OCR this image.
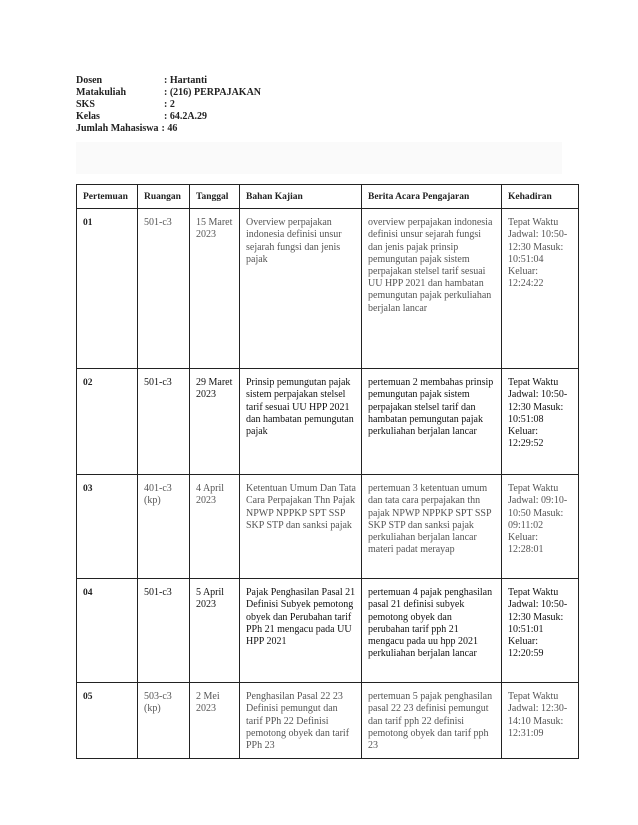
Dosen	: Hartanti
Matakuliah	: (216) PERPAJAKAN
SKS	: 2
Kelas	: 64.2A.29
Jumlah Mahasiswa : 46
Pertemuan	Ruangan	Tanggal	Bahan Kajian	Berita Acara Pengajaran	Kehadiran
01	501-c3	15 Maret 2023	Overview perpajakan indonesia definisi unsur sejarah fungsi dan jenis pajak	overview perpajakan indonesia definisi unsur sejarah fungsi dan jenis pajak prinsip pemungutan pajak sistem perpajakan stelsel tarif sesuai UU HPP 2021 dan hambatan pemungutan pajak perkuliahan berjalan lancar	Tepat Waktu Jadwal: 10:50-12:30 Masuk: 10:51:04 Keluar: 12:24:22
02	501-c3	29 Maret 2023	Prinsip pemungutan pajak sistem perpajakan stelsel tarif sesuai UU HPP 2021 dan hambatan pemungutan pajak	pertemuan 2 membahas prinsip pemungutan pajak sistem perpajakan stelsel tarif dan hambatan pemungutan pajak perkuliahan berjalan lancar	Tepat Waktu Jadwal: 10:50-12:30 Masuk: 10:51:08 Keluar: 12:29:52
03	401-c3 (kp)	4 April 2023	Ketentuan Umum Dan Tata Cara Perpajakan Thn Pajak NPWP NPPKP SPT SSP SKP STP dan sanksi pajak	pertemuan 3 ketentuan umum dan tata cara perpajakan thn pajak NPWP NPPKP SPT SSP SKP STP dan sanksi pajak perkuliahan berjalan lancar materi padat merayap	Tepat Waktu Jadwal: 09:10-10:50 Masuk: 09:11:02 Keluar: 12:28:01
04	501-c3	5 April 2023	Pajak Penghasilan Pasal 21 Definisi Subyek pemotong obyek dan Perubahan tarif PPh 21 mengacu pada UU HPP 2021	pertemuan 4 pajak penghasilan pasal 21 definisi subyek pemotong obyek dan perubahan tarif pph 21 mengacu pada uu hpp 2021 perkuliahan berjalan lancar	Tepat Waktu Jadwal: 10:50-12:30 Masuk: 10:51:01 Keluar: 12:20:59
05	503-c3 (kp)	2 Mei 2023	Penghasilan Pasal 22 23 Definisi pemungut dan tarif PPh 22 Definisi pemotong obyek dan tarif PPh 23	pertemuan 5 pajak penghasilan pasal 22 23 definisi pemungut dan tarif pph 22 definisi pemotong obyek dan tarif pph 23	Tepat Waktu Jadwal: 12:30-14:10 Masuk: 12:31:09
